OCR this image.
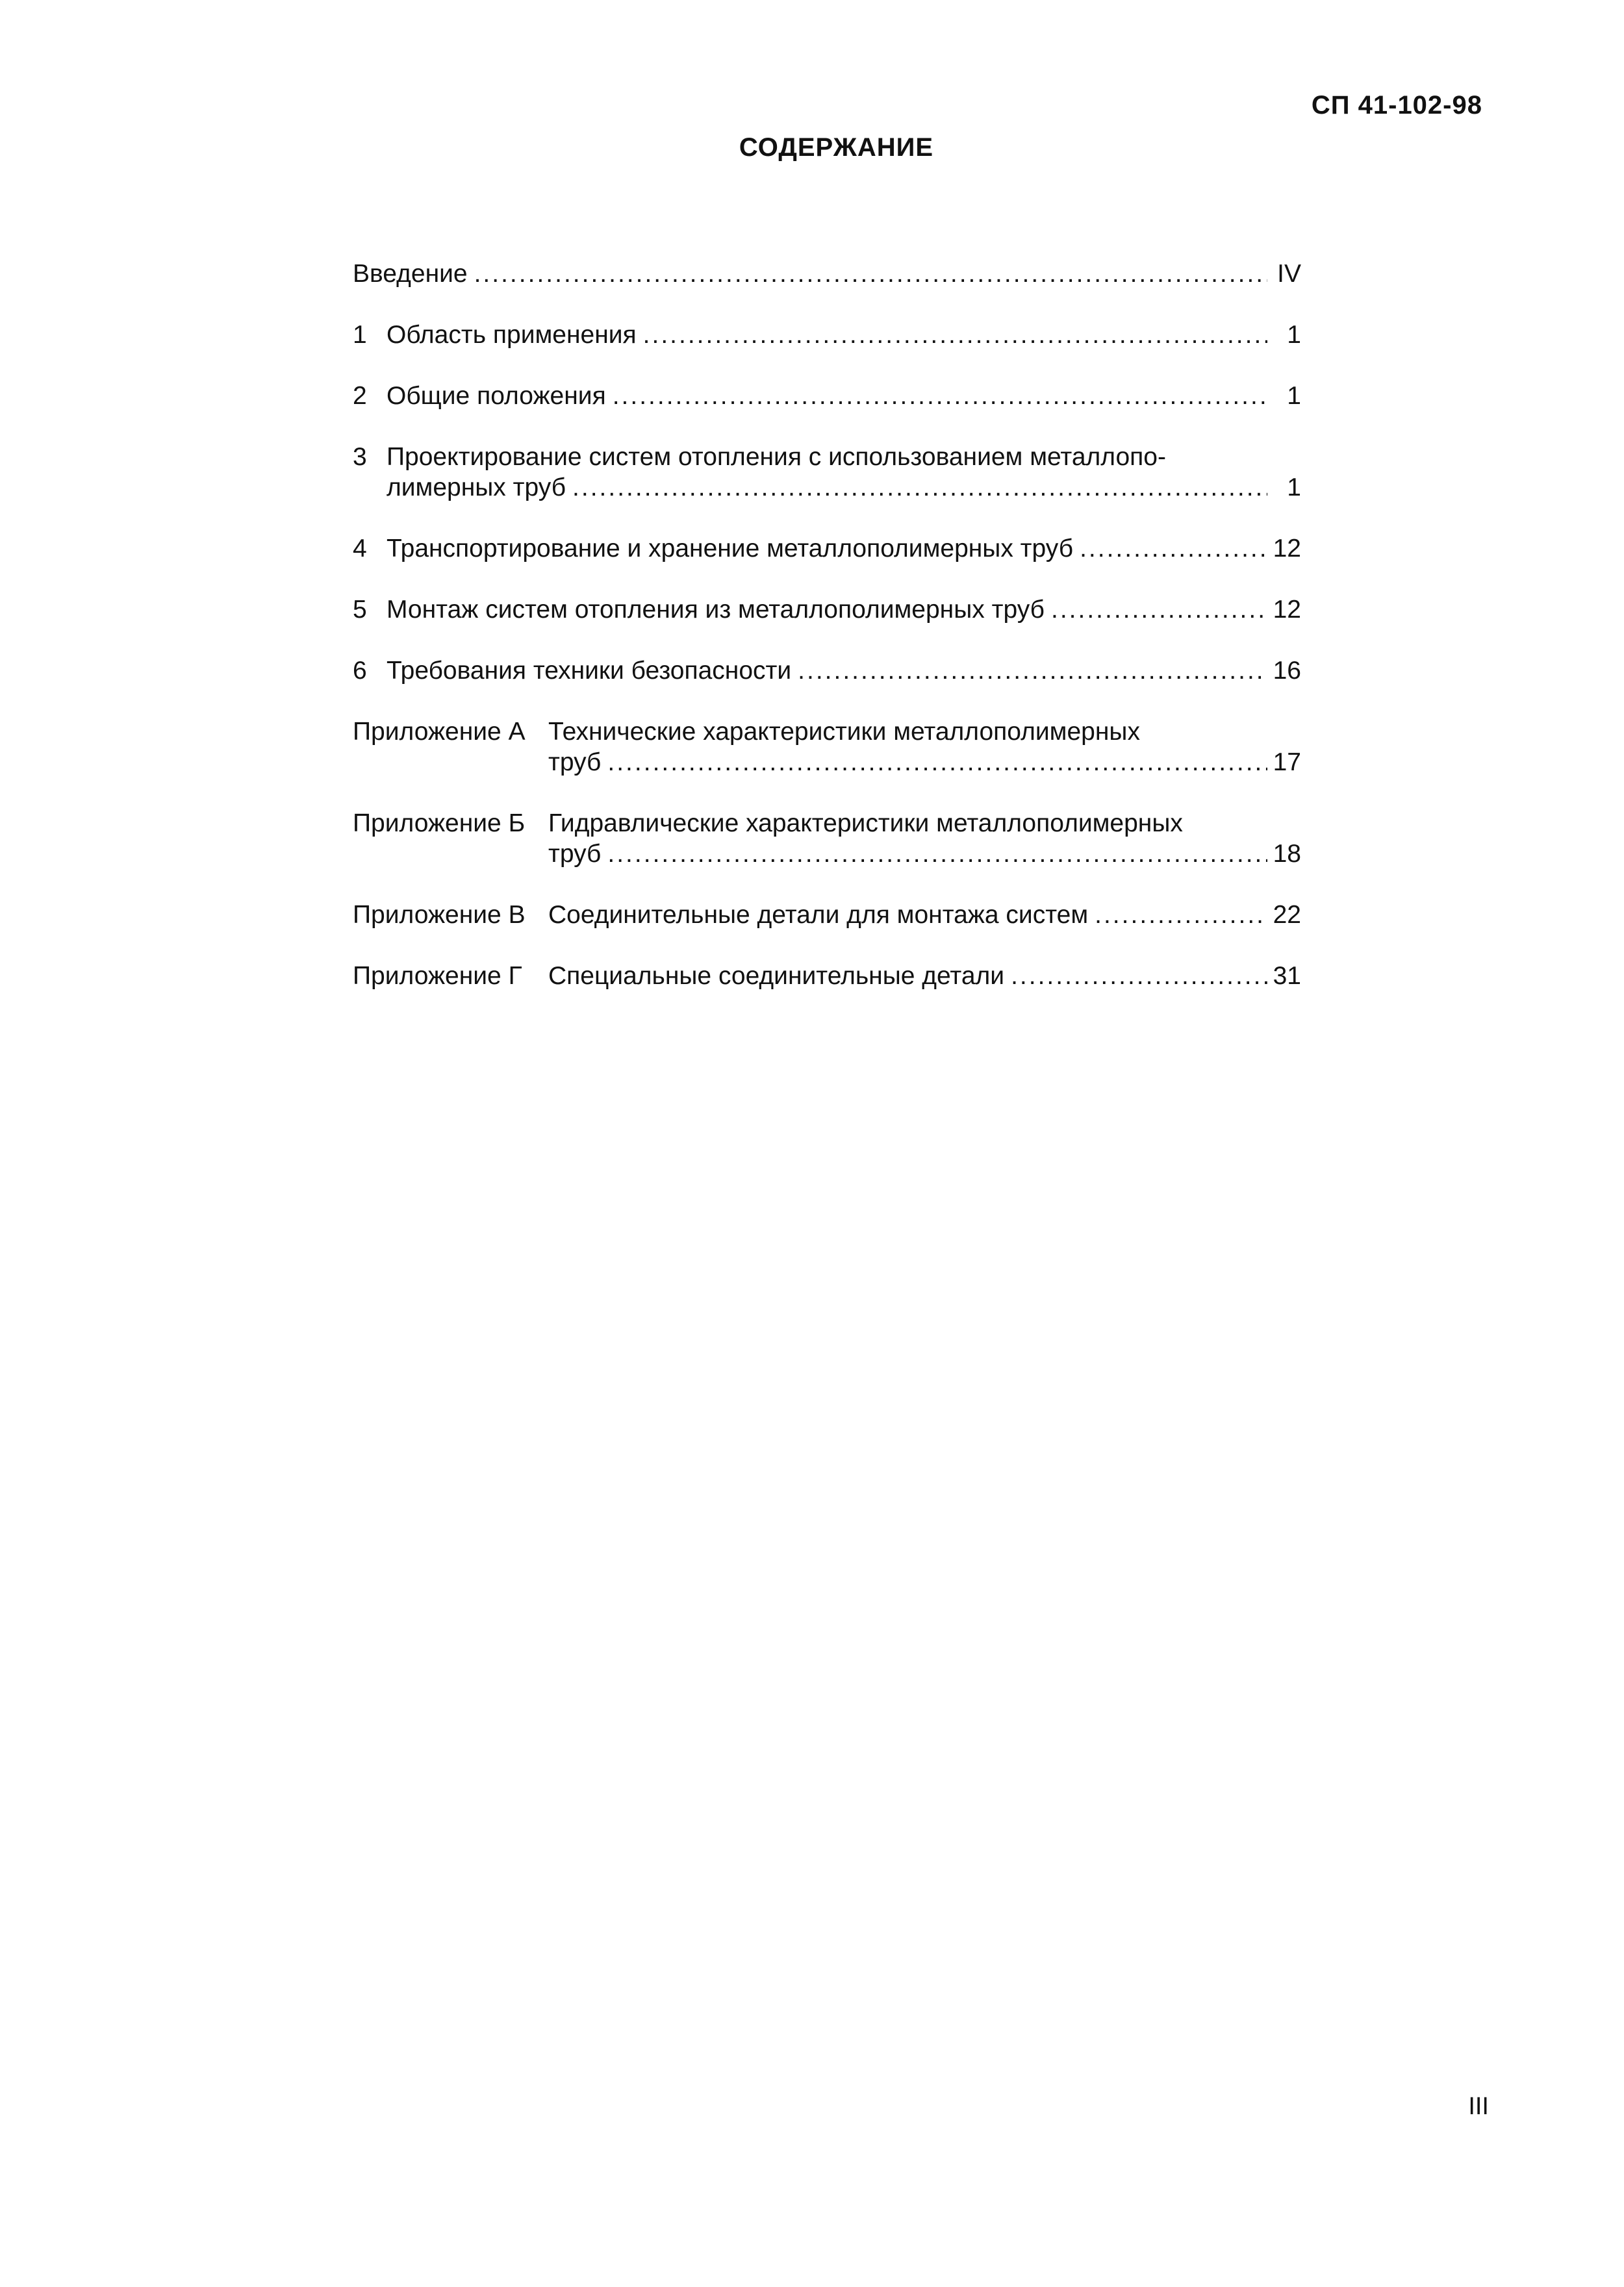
СП 41-102-98
СОДЕРЖАНИЕ
Введение .....	IV
1 Область применения .....	1
2 Общие положения .....	1
3 Проектирование систем отопления с использованием металлопо-
лимерных труб .....	1
4 Транспортирование и хранение металлополимерных труб .....	12
5 Монтаж систем отопления из металлополимерных труб .....	12
6 Требования техники безопасности .....	16
Приложение А Технические характеристики металлополимерных
труб .....	17
Приложение Б Гидравлические характеристики металлополимерных
труб .....	18
Приложение В Соединительные детали для монтажа систем .....	22
Приложение Г	Специальные соединительные детали .....	31
III
